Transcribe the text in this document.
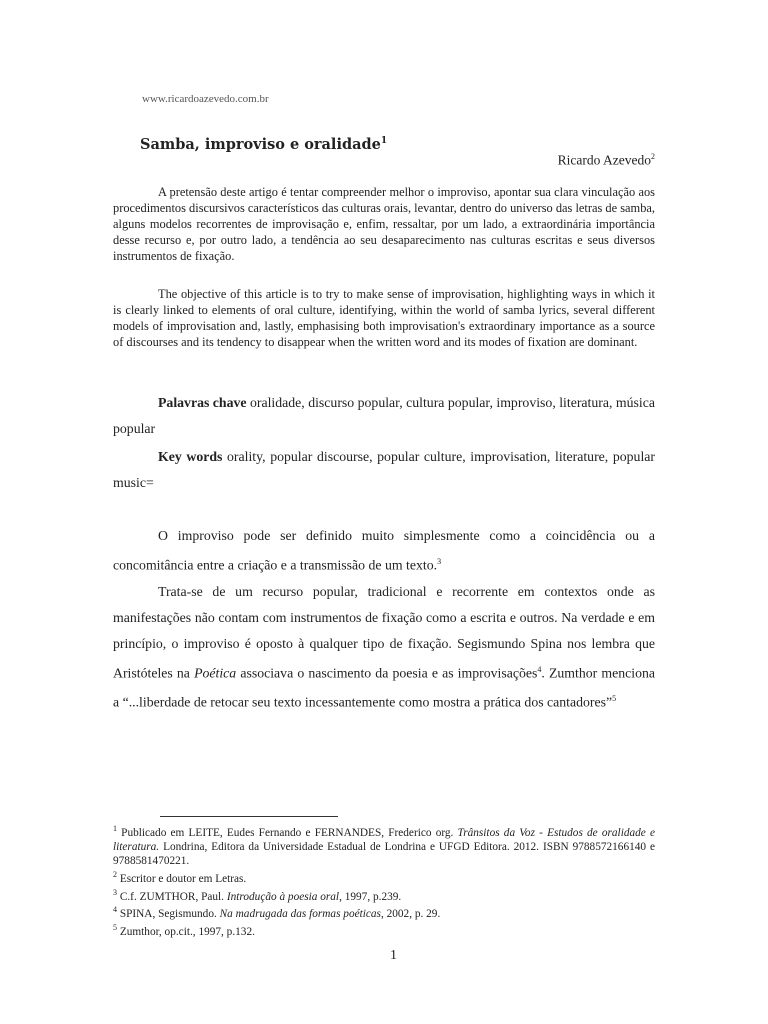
www.ricardoazevedo.com.br
Samba, improviso e oralidade$^1$
Ricardo Azevedo$^2$

A pretensão deste artigo é tentar compreender melhor o improviso, apontar sua clara vinculação aos procedimentos discursivos característicos das culturas orais, levantar, dentro do universo das letras de samba, alguns modelos recorrentes de improvisação e, enfim, ressaltar, por um lado, a extraordinária importância desse recurso e, por outro lado, a tendência ao seu desaparecimento nas culturas escritas e seus diversos instrumentos de fixação.

The objective of this article is to try to make sense of improvisation, highlighting ways in which it is clearly linked to elements of oral culture, identifying, within the world of samba lyrics, several different models of improvisation and, lastly, emphasising both improvisation's extraordinary importance as a source of discourses and its tendency to disappear when the written word and its modes of fixation are dominant.

Palavras chave oralidade, discurso popular, cultura popular, improviso, literatura, música popular

Key words orality, popular discourse, popular culture, improvisation, literature, popular music=

O improviso pode ser definido muito simplesmente como a coincidência ou a concomitância entre a criação e a transmissão de um texto.$^3$

Trata-se de um recurso popular, tradicional e recorrente em contextos onde as manifestações não contam com instrumentos de fixação como a escrita e outros. Na verdade e em princípio, o improviso é oposto à qualquer tipo de fixação. Segismundo Spina nos lembra que Aristóteles na Poética associava o nascimento da poesia e as improvisações$^4$. Zumthor menciona a “...liberdade de retocar seu texto incessantemente como mostra a prática dos cantadores”$^5$

$^1$ Publicado em LEITE, Eudes Fernando e FERNANDES, Frederico org. Trânsitos da Voz - Estudos de oralidade e literatura. Londrina, Editora da Universidade Estadual de Londrina e UFGD Editora. 2012. ISBN 9788572166140 e 9788581470221.

$^2$ Escritor e doutor em Letras.

$^3$ C.f. ZUMTHOR, Paul. Introdução à poesia oral, 1997, p.239.

$^4$ SPINA, Segismundo. Na madrugada das formas poéticas, 2002, p. 29.

$^5$ Zumthor, op.cit., 1997, p.132.

1
